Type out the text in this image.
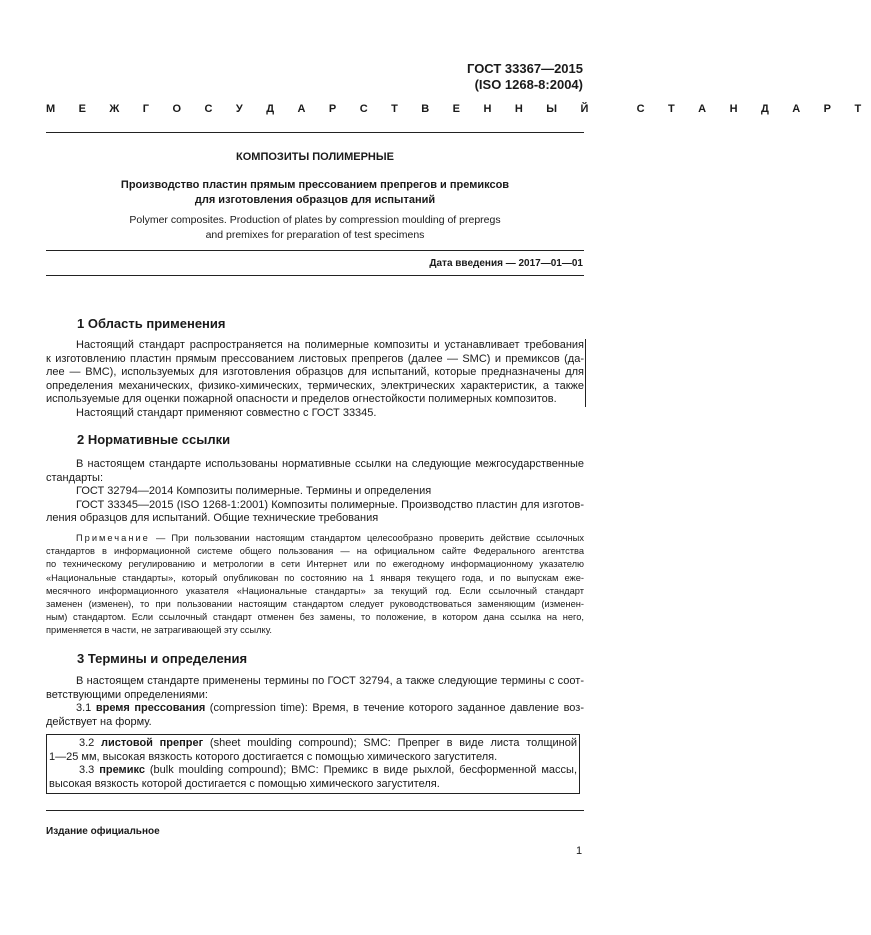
ГОСТ 33367—2015
(ISO 1268-8:2004)
М Е Ж Г О С У Д А Р С Т В Е Н Н Ы Й	С Т А Н Д А Р Т
КОМПОЗИТЫ ПОЛИМЕРНЫЕ
Производство пластин прямым прессованием препрегов и премиксов
для изготовления образцов для испытаний
Polymer composites. Production of plates by compression moulding of prepregs
and premixes for preparation of test specimens
Дата введения — 2017—01—01
1 Область применения
Настоящий стандарт распространяется на полимерные композиты и устанавливает требования
к изготовлению пластин прямым прессованием листовых препрегов (далее — SMC) и премиксов (да-
лее — ВМС), используемых для изготовления образцов для испытаний, которые предназначены для
определения механических, физико-химических, термических, электрических характеристик, а также
используемые для оценки пожарной опасности и пределов огнестойкости полимерных композитов.
Настоящий стандарт применяют совместно с ГОСТ 33345.
2 Нормативные ссылки
В настоящем стандарте использованы нормативные ссылки на следующие межгосударственные
стандарты:
ГОСТ 32794—2014 Композиты полимерные. Термины и определения
ГОСТ 33345—2015 (ISO 1268-1:2001) Композиты полимерные. Производство пластин для изготов-
ления образцов для испытаний. Общие технические требования
Примечание — При пользовании настоящим стандартом целесообразно проверить действие ссылочных
стандартов в информационной системе общего пользования — на официальном сайте Федерального агентства
по техническому регулированию и метрологии в сети Интернет или по ежегодному информационному указателю
«Национальные стандарты», который опубликован по состоянию на 1 января текущего года, и по выпускам еже-
месячного информационного указателя «Национальные стандарты» за текущий год. Если ссылочный стандарт
заменен (изменен), то при пользовании настоящим стандартом следует руководствоваться заменяющим (изменен-
ным) стандартом. Если ссылочный стандарт отменен без замены, то положение, в котором дана ссылка на него,
применяется в части, не затрагивающей эту ссылку.
3 Термины и определения
В настоящем стандарте применены термины по ГОСТ 32794, а также следующие термины с соот-
ветствующими определениями:
3.1 время прессования (compression time): Время, в течение которого заданное давление воз-
действует на форму.
3.2 листовой препрег (sheet moulding compound); SMC: Препрег в виде листа толщиной
1—25 мм, высокая вязкость которого достигается с помощью химического загустителя.
3.3 премикс (bulk moulding compound); ВМС: Премикс в виде рыхлой, бесформенной массы,
высокая вязкость которой достигается с помощью химического загустителя.
Издание официальное
1
